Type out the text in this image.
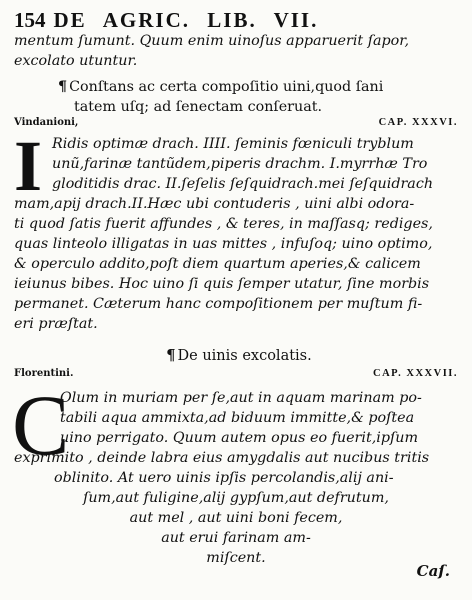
154 DE AGRIC. LIB. VII.
mentum ſumunt. Quum enim uinoſus apparuerit ſapor,
excolato utuntur.
¶ Conſtans ac certa compoſitio uini,quod ſani
tatem uſq; ad ſenectam conſeruat.
Vindanioni,	CAP. XXXVI.
I Ridis optimæ drach. IIII. ſeminis fœniculi tryblum
unũ,farinæ tantũdem,piperis drachm. I.myrrhæ Tro
gloditidis drac. II.ſeſelis ſeſquidrach.mei ſeſquidrach
mam,apij drach.II.Hæc ubi contuderis , uini albi odora-
ti quod ſatis fuerit affundes , & teres, in maſſasq; rediges,
quas linteolo illigatas in uas mittes , infuſoq; uino optimo,
& operculo addito,poſt diem quartum aperies,& calicem
ieiunus bibes. Hoc uino ſi quis ſemper utatur, ſine morbis
permanet. Cæterum hanc compoſitionem per muſtum fi-
eri præſtat.
¶ De uinis excolatis.
Florentini.	CAP. XXXVII.
C
Olum in muriam per ſe,aut in aquam marinam po-
tabili aqua ammixta,ad biduum immitte,& poſtea
uino perrigato. Quum autem opus eo fuerit,ipſum
exprimito , deinde labra eius amygdalis aut nucibus tritis
oblinito. At uero uinis ipſis percolandis,alij ani-
ſum,aut fuligine,alij gypſum,aut defrutum,
aut mel , aut uini boni fecem,
aut erui farinam am-
miſcent.
Caſ.
